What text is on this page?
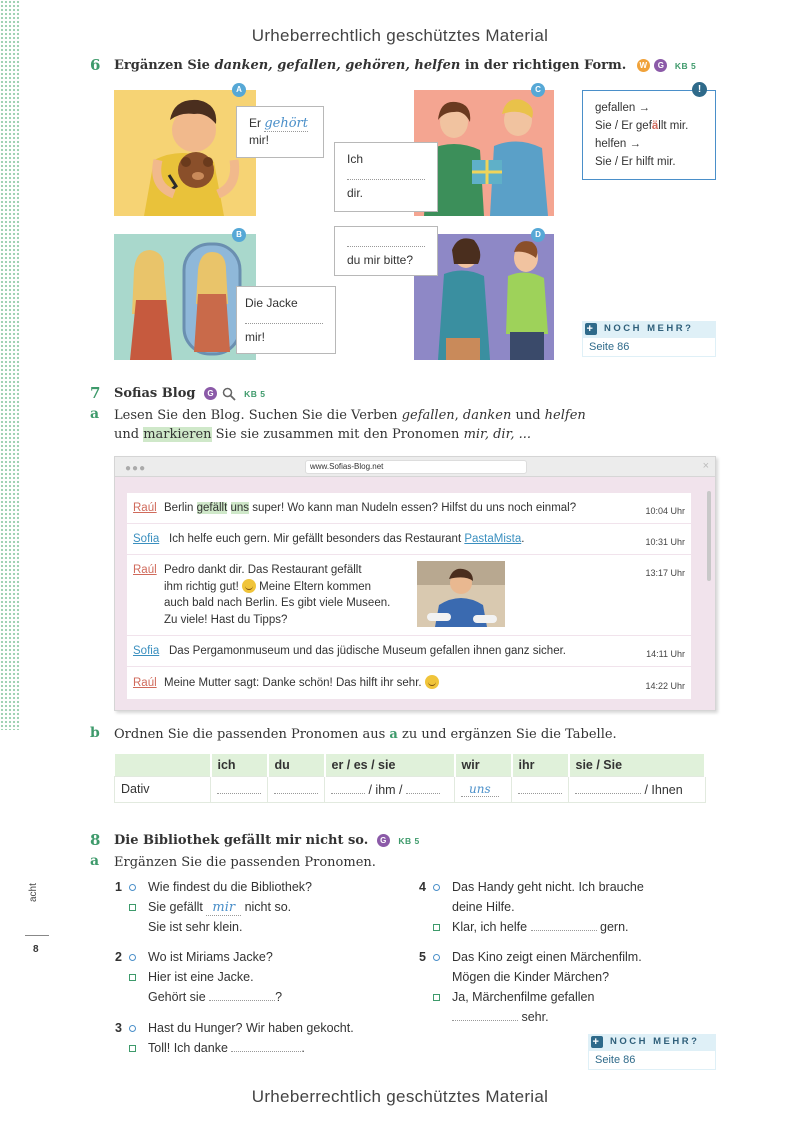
Urheberrechtlich geschütztes Material
6 Ergänzen Sie danken, gefallen, gehören, helfen in der richtigen Form. W G KB 5
A
Er gehört
mir!
B
Die Jacke
mir!
C
Ich
dir.
D
du mir bitte?
gefallen →
Sie / Er gefällt mir.
helfen →
Sie / Er hilft mir.
!
+ NOCH MEHR?
Seite 86
7 Sofias Blog G	KB 5
a Lesen Sie den Blog. Suchen Sie die Verben gefallen, danken und helfen
und markieren Sie sie zusammen mit den Pronomen mir, dir, ...
●●●	www.Sofias-Blog.net	×
Raúl Berlin gefällt uns super! Wo kann man Nudeln essen? Hilfst du uns noch einmal?	10:04 Uhr
Sofia Ich helfe euch gern. Mir gefällt besonders das Restaurant PastaMista.	10:31 Uhr
Raúl Pedro dankt dir. Das Restaurant gefällt
ihm richtig gut!  Meine Eltern kommen
auch bald nach Berlin. Es gibt viele Museen.
Zu viele! Hast du Tipps?
13:17 Uhr
Sofia Das Pergamonmuseum und das jüdische Museum gefallen ihnen ganz sicher.	14:11 Uhr
Raúl Meine Mutter sagt: Danke schön! Das hilft ihr sehr.	14:22 Uhr
b Ordnen Sie die passenden Pronomen aus a zu und ergänzen Sie die Tabelle.
	ich	du	er / es / sie	wir	ihr	sie / Sie
Dativ			/ ihm /	uns		/ Ihnen
8 Die Bibliothek gefällt mir nicht so. G KB 5
a Ergänzen Sie die passenden Pronomen.
1 Wie findest du die Bibliothek?
Sie gefällt mir nicht so.
Sie ist sehr klein.
2 Wo ist Miriams Jacke?
Hier ist eine Jacke.
Gehört sie	?
3 Hast du Hunger? Wir haben gekocht.
Toll! Ich danke	.
4 Das Handy geht nicht. Ich brauche
deine Hilfe.
Klar, ich helfe	gern.
5 Das Kino zeigt einen Märchenfilm.
Mögen die Kinder Märchen?
Ja, Märchenfilme gefallen
sehr.
+ NOCH MEHR?
Seite 86
acht
8
Urheberrechtlich geschütztes Material
